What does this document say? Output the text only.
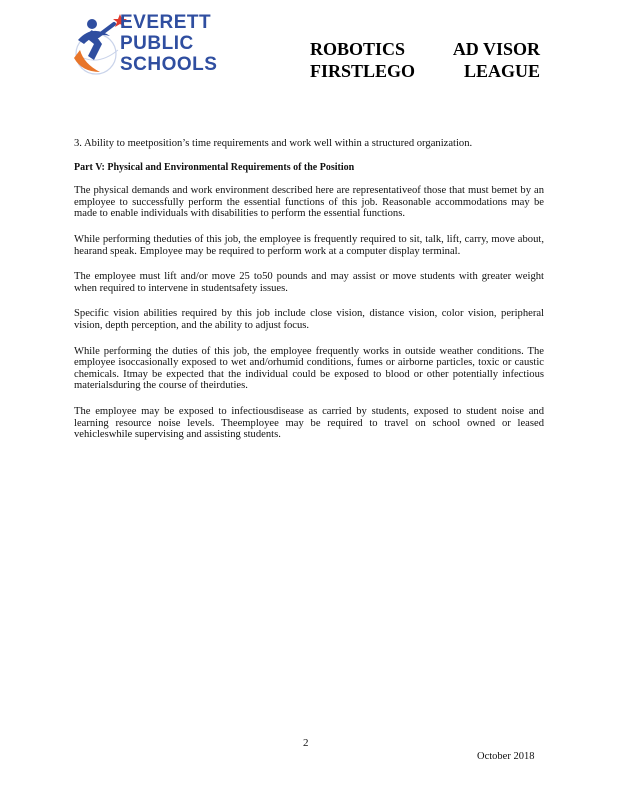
EVERETT
PUBLIC
SCHOOLS
ROBOTICS	AD VISOR
FIRSTLEGO	LEAGUE

3. Ability to meetposition’s time requirements and work well within a structured organization.

Part V: Physical and Environmental Requirements of the Position

The physical demands and work environment described here are representativeof those that must bemet by an employee to successfully perform the essential functions of this job. Reasonable accommodations may be made to enable individuals with disabilities to perform the essential functions.

While performing theduties of this job, the employee is frequently required to sit, talk, lift, carry, move about, hearand speak. Employee may be required to perform work at a computer display terminal.

The employee must lift and/or move 25 to50 pounds and may assist or move students with greater weight when required to intervene in studentsafety issues.

Specific vision abilities required by this job include close vision, distance vision, color vision, peripheral vision, depth perception, and the ability to adjust focus.

While performing the duties of this job, the employee frequently works in outside weather conditions. The employee isoccasionally exposed to wet and/orhumid conditions, fumes or airborne particles, toxic or caustic chemicals. Itmay be expected that the individual could be exposed to blood or other potentially infectious materialsduring the course of theirduties.

The employee may be exposed to infectiousdisease as carried by students, exposed to student noise and learning resource noise levels. Theemployee may be required to travel on school owned or leased vehicleswhile supervising and assisting students.

2
October 2018
